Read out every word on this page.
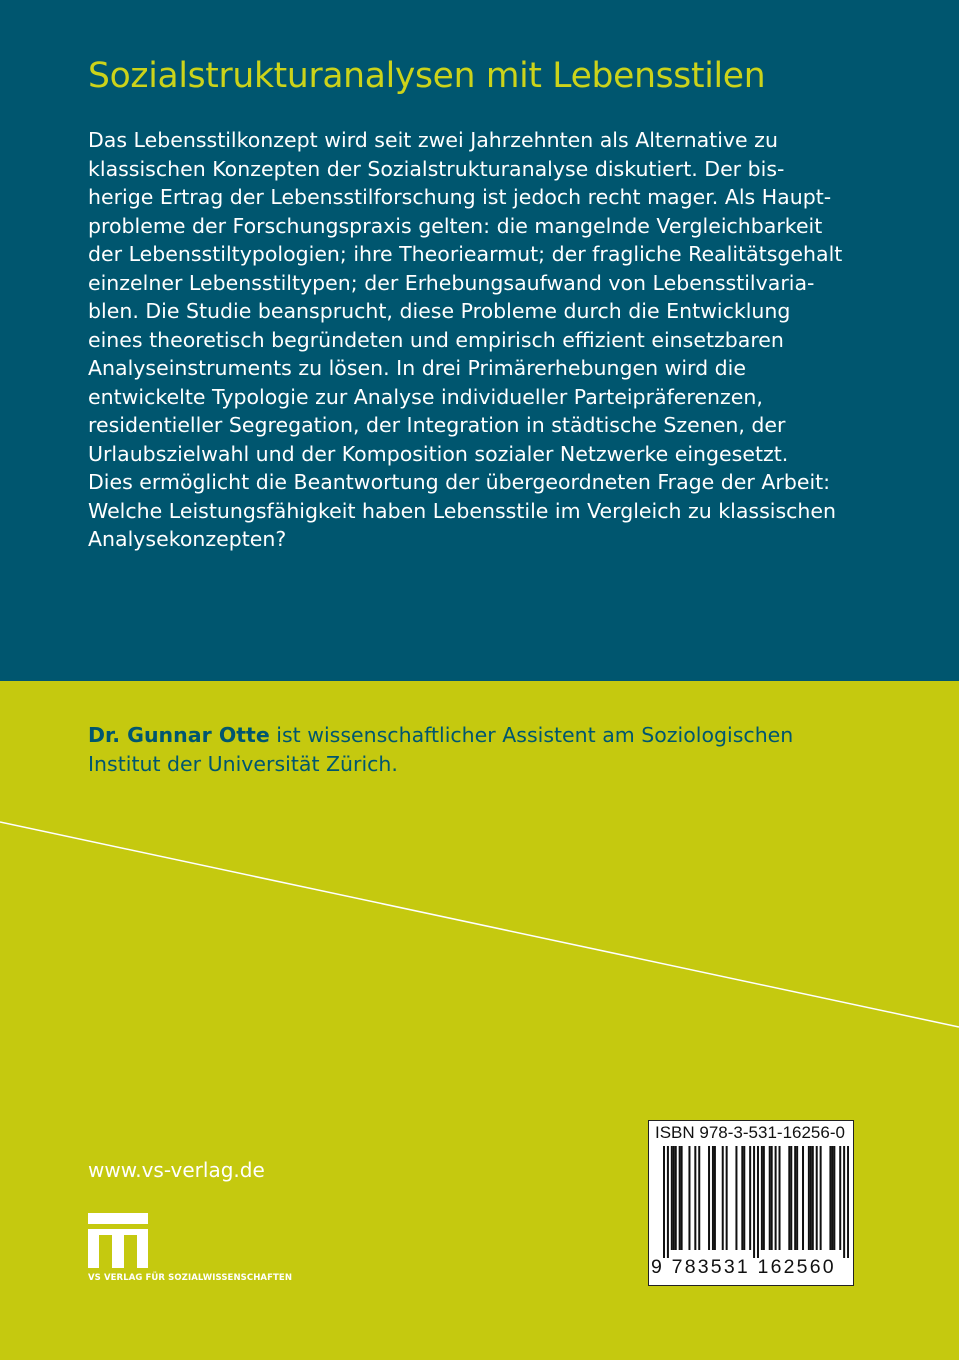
Sozialstrukturanalysen mit Lebensstilen
Das Lebensstilkonzept wird seit zwei Jahrzehnten als Alternative zu
klassischen Konzepten der Sozialstrukturanalyse diskutiert. Der bis-
herige Ertrag der Lebensstilforschung ist jedoch recht mager. Als Haupt-
probleme der Forschungspraxis gelten: die mangelnde Vergleichbarkeit
der Lebensstiltypologien; ihre Theoriearmut; der fragliche Realitätsgehalt
einzelner Lebensstiltypen; der Erhebungsaufwand von Lebensstilvaria-
blen. Die Studie beansprucht, diese Probleme durch die Entwicklung
eines theoretisch begründeten und empirisch effizient einsetzbaren
Analyseinstruments zu lösen. In drei Primärerhebungen wird die
entwickelte Typologie zur Analyse individueller Parteipräferenzen,
residentieller Segregation, der Integration in städtische Szenen, der
Urlaubszielwahl und der Komposition sozialer Netzwerke eingesetzt.
Dies ermöglicht die Beantwortung der übergeordneten Frage der Arbeit:
Welche Leistungsfähigkeit haben Lebensstile im Vergleich zu klassischen
Analysekonzepten?
Dr. Gunnar Otte ist wissenschaftlicher Assistent am Soziologischen
Institut der Universität Zürich.
www.vs-verlag.de
VS VERLAG FÜR SOZIALWISSENSCHAFTEN
ISBN 978-3-531-16256-0
9 783531 162560
